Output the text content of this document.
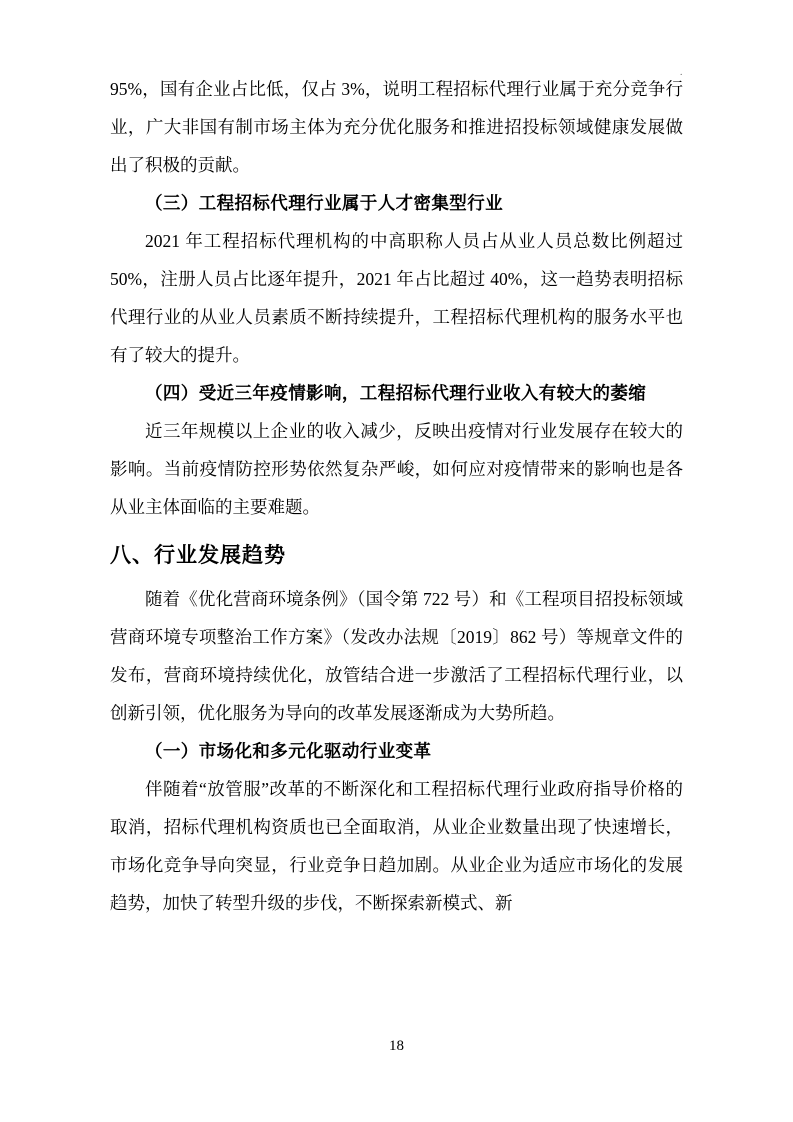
·

95%，国有企业占比低，仅占 3%，说明工程招标代理行业属于充分竞争行业，广大非国有制市场主体为充分优化服务和推进招投标领域健康发展做出了积极的贡献。

（三）工程招标代理行业属于人才密集型行业

2021 年工程招标代理机构的中高职称人员占从业人员总数比例超过 50%，注册人员占比逐年提升，2021 年占比超过 40%，这一趋势表明招标代理行业的从业人员素质不断持续提升，工程招标代理机构的服务水平也有了较大的提升。

（四）受近三年疫情影响，工程招标代理行业收入有较大的萎缩

近三年规模以上企业的收入减少，反映出疫情对行业发展存在较大的影响。当前疫情防控形势依然复杂严峻，如何应对疫情带来的影响也是各从业主体面临的主要难题。

八、行业发展趋势

随着《优化营商环境条例》（国令第 722 号）和《工程项目招投标领域营商环境专项整治工作方案》（发改办法规〔2019〕862 号）等规章文件的发布，营商环境持续优化，放管结合进一步激活了工程招标代理行业，以创新引领，优化服务为导向的改革发展逐渐成为大势所趋。

（一）市场化和多元化驱动行业变革

伴随着“放管服”改革的不断深化和工程招标代理行业政府指导价格的取消，招标代理机构资质也已全面取消，从业企业数量出现了快速增长，市场化竞争导向突显，行业竞争日趋加剧。从业企业为适应市场化的发展趋势，加快了转型升级的步伐，不断探索新模式、新

18
